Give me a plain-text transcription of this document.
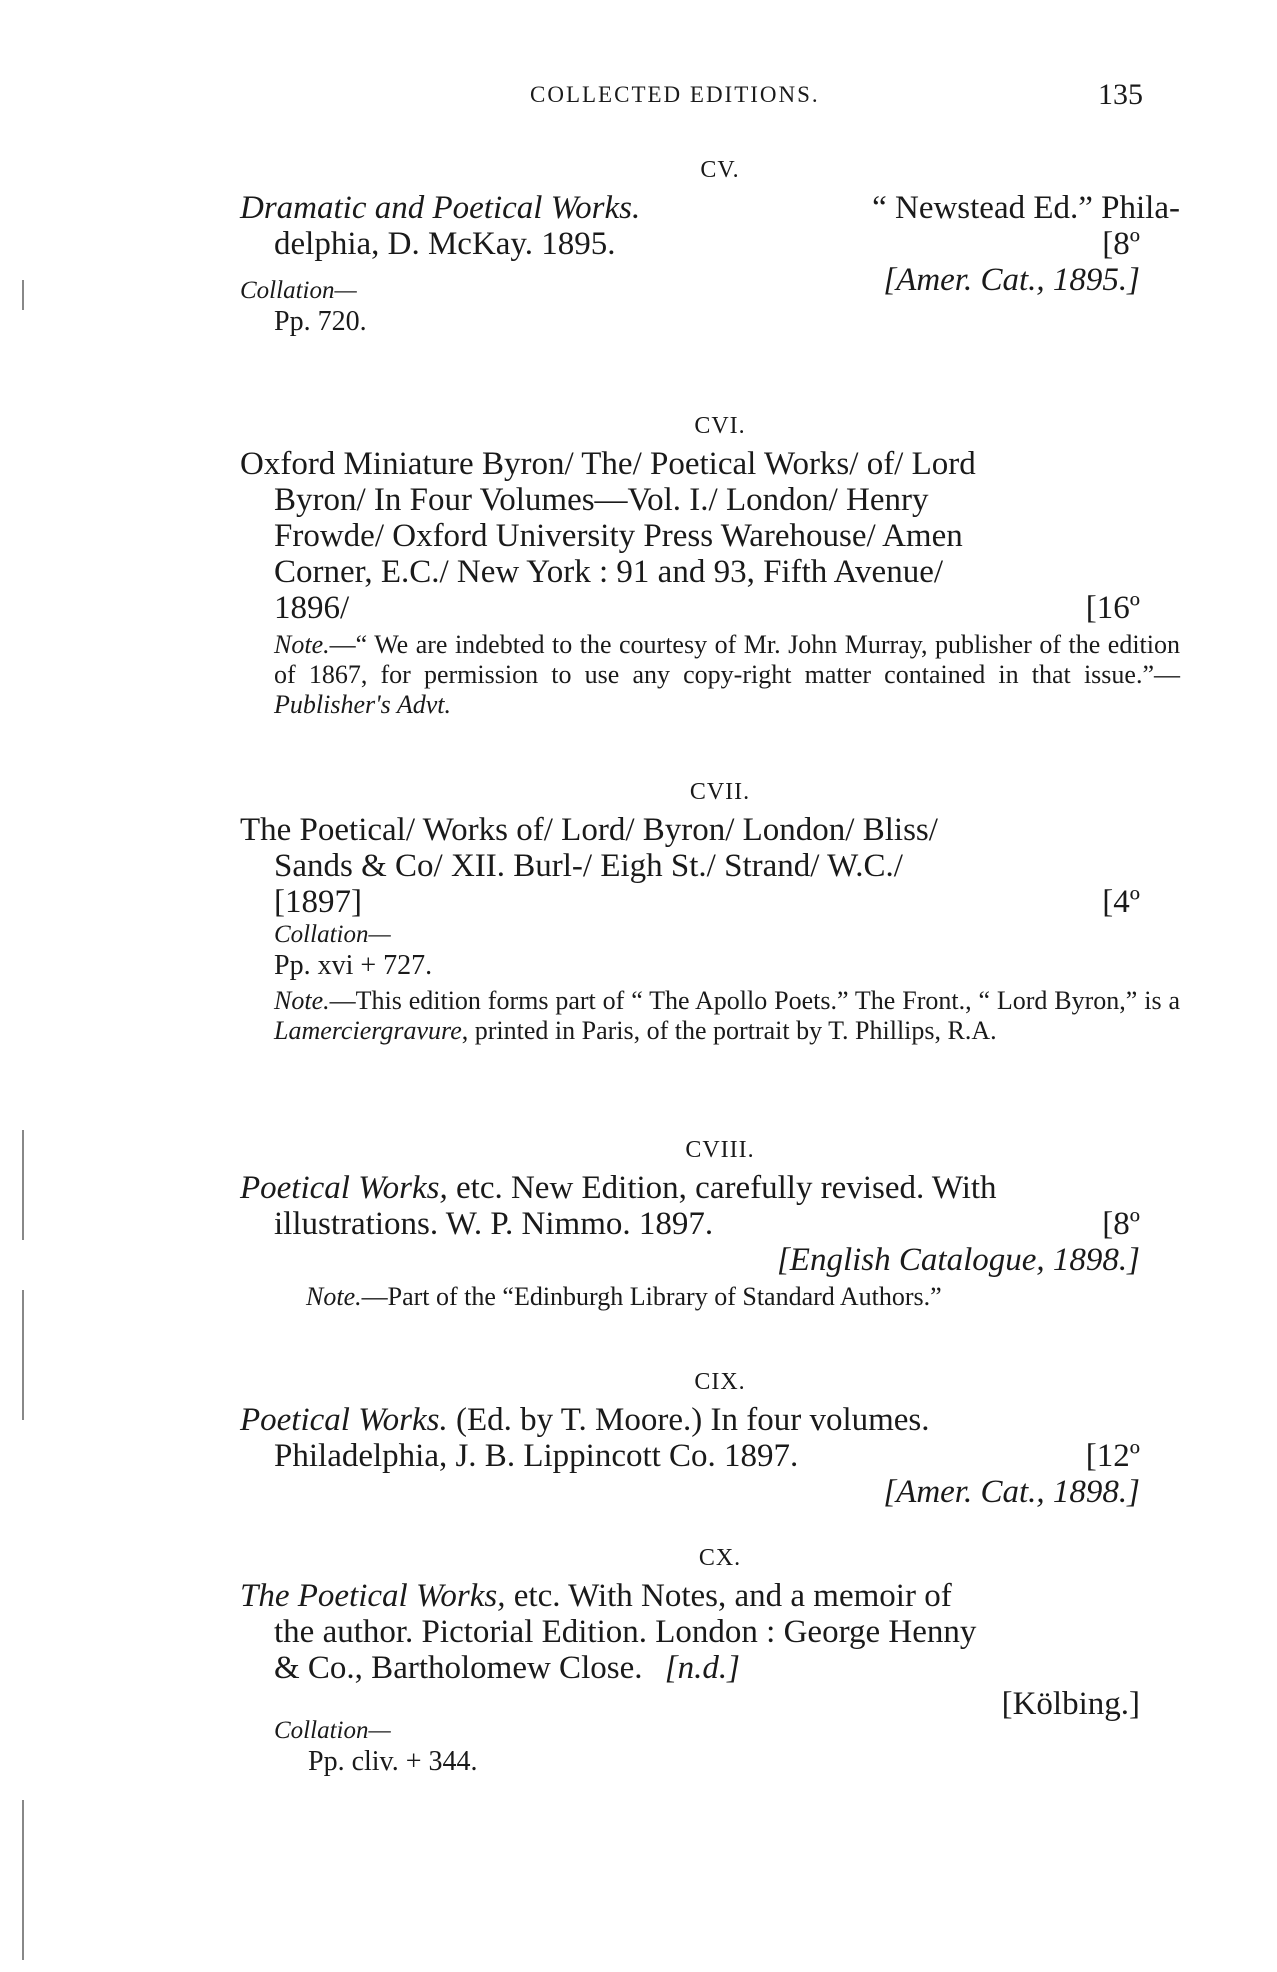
COLLECTED EDITIONS.	135
CV.
Dramatic and Poetical Works.	“ Newstead Ed.” Phila-
delphia, D. McKay. 1895.	[8º
[Amer. Cat., 1895.]
Collation—
Pp. 720.
CVI.
Oxford Miniature Byron/ The/ Poetical Works/ of/ Lord
Byron/ In Four Volumes—Vol. I./ London/ Henry
Frowde/ Oxford University Press Warehouse/ Amen
Corner, E.C./ New York : 91 and 93, Fifth Avenue/
1896/	[16º
Note.—“ We are indebted to the courtesy of Mr. John Murray, publisher of the edition of 1867, for permission to use any copy-right matter contained in that issue.”—Publisher's Advt.
CVII.
The Poetical/ Works of/ Lord/ Byron/ London/ Bliss/
Sands & Co/ XII. Burl-/ Eigh St./ Strand/ W.C./
[1897]	[4º
Collation—
Pp. xvi + 727.
Note.—This edition forms part of “ The Apollo Poets.” The Front., “ Lord Byron,” is a Lamerciergravure, printed in Paris, of the portrait by T. Phillips, R.A.
CVIII.
Poetical Works, etc. New Edition, carefully revised. With
illustrations. W. P. Nimmo. 1897.	[8º
[English Catalogue, 1898.]
Note.—Part of the “Edinburgh Library of Standard Authors.”
CIX.
Poetical Works. (Ed. by T. Moore.) In four volumes.
Philadelphia, J. B. Lippincott Co. 1897.	[12º
[Amer. Cat., 1898.]
CX.
The Poetical Works, etc. With Notes, and a memoir of
the author. Pictorial Edition. London : George Henny
& Co., Bartholomew Close. [n.d.]
[Kölbing.]
Collation—
Pp. cliv. + 344.
